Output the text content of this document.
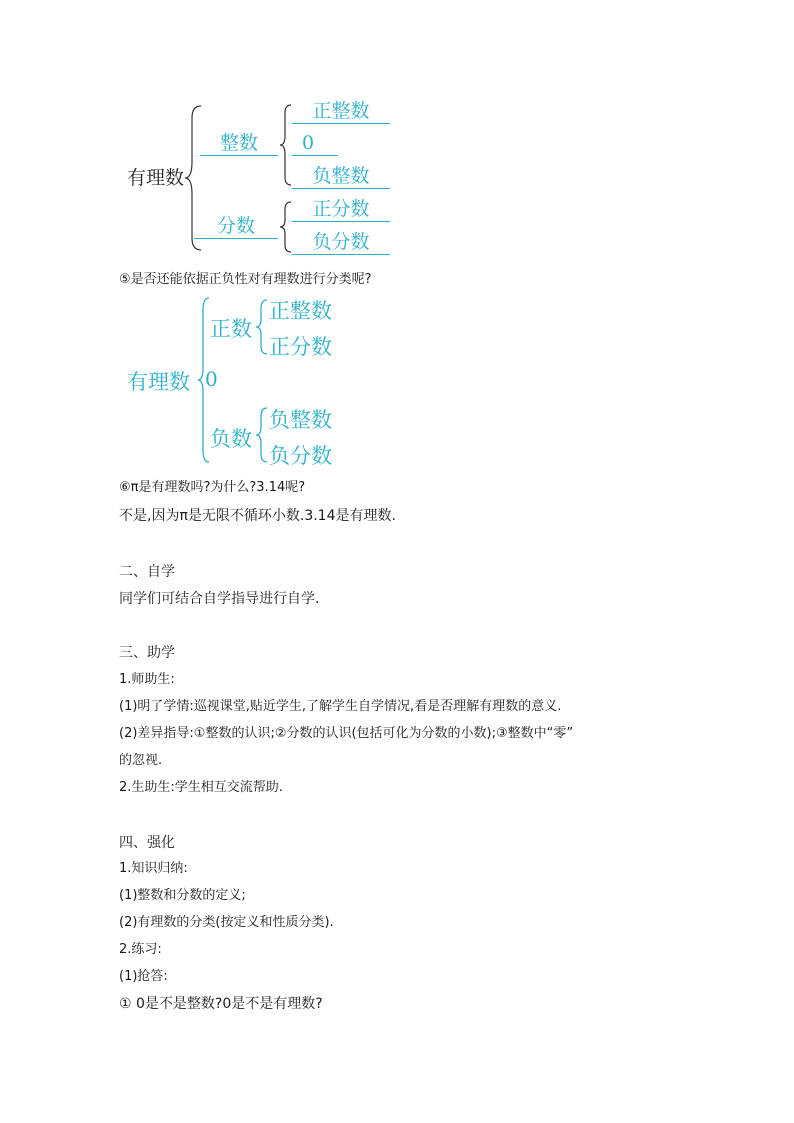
有理数
整数
正整数
0
负整数
分数
正分数
负分数
⑤是否还能依据正负性对有理数进行分类呢?
有理数
正数
正整数
正分数
0
负数
负整数
负分数
⑥π是有理数吗?为什么?3.14呢?
不是,因为π是无限不循环小数.3.14是有理数.
二、自学
同学们可结合自学指导进行自学.
三、助学
1.师助生:
(1)明了学情:巡视课堂,贴近学生,了解学生自学情况,看是否理解有理数的意义.
(2)差异指导:①整数的认识;②分数的认识(包括可化为分数的小数);③整数中“零”
的忽视.
2.生助生:学生相互交流帮助.
四、强化
1.知识归纳:
(1)整数和分数的定义;
(2)有理数的分类(按定义和性质分类).
2.练习:
(1)抢答:
① 0是不是整数?0是不是有理数?
